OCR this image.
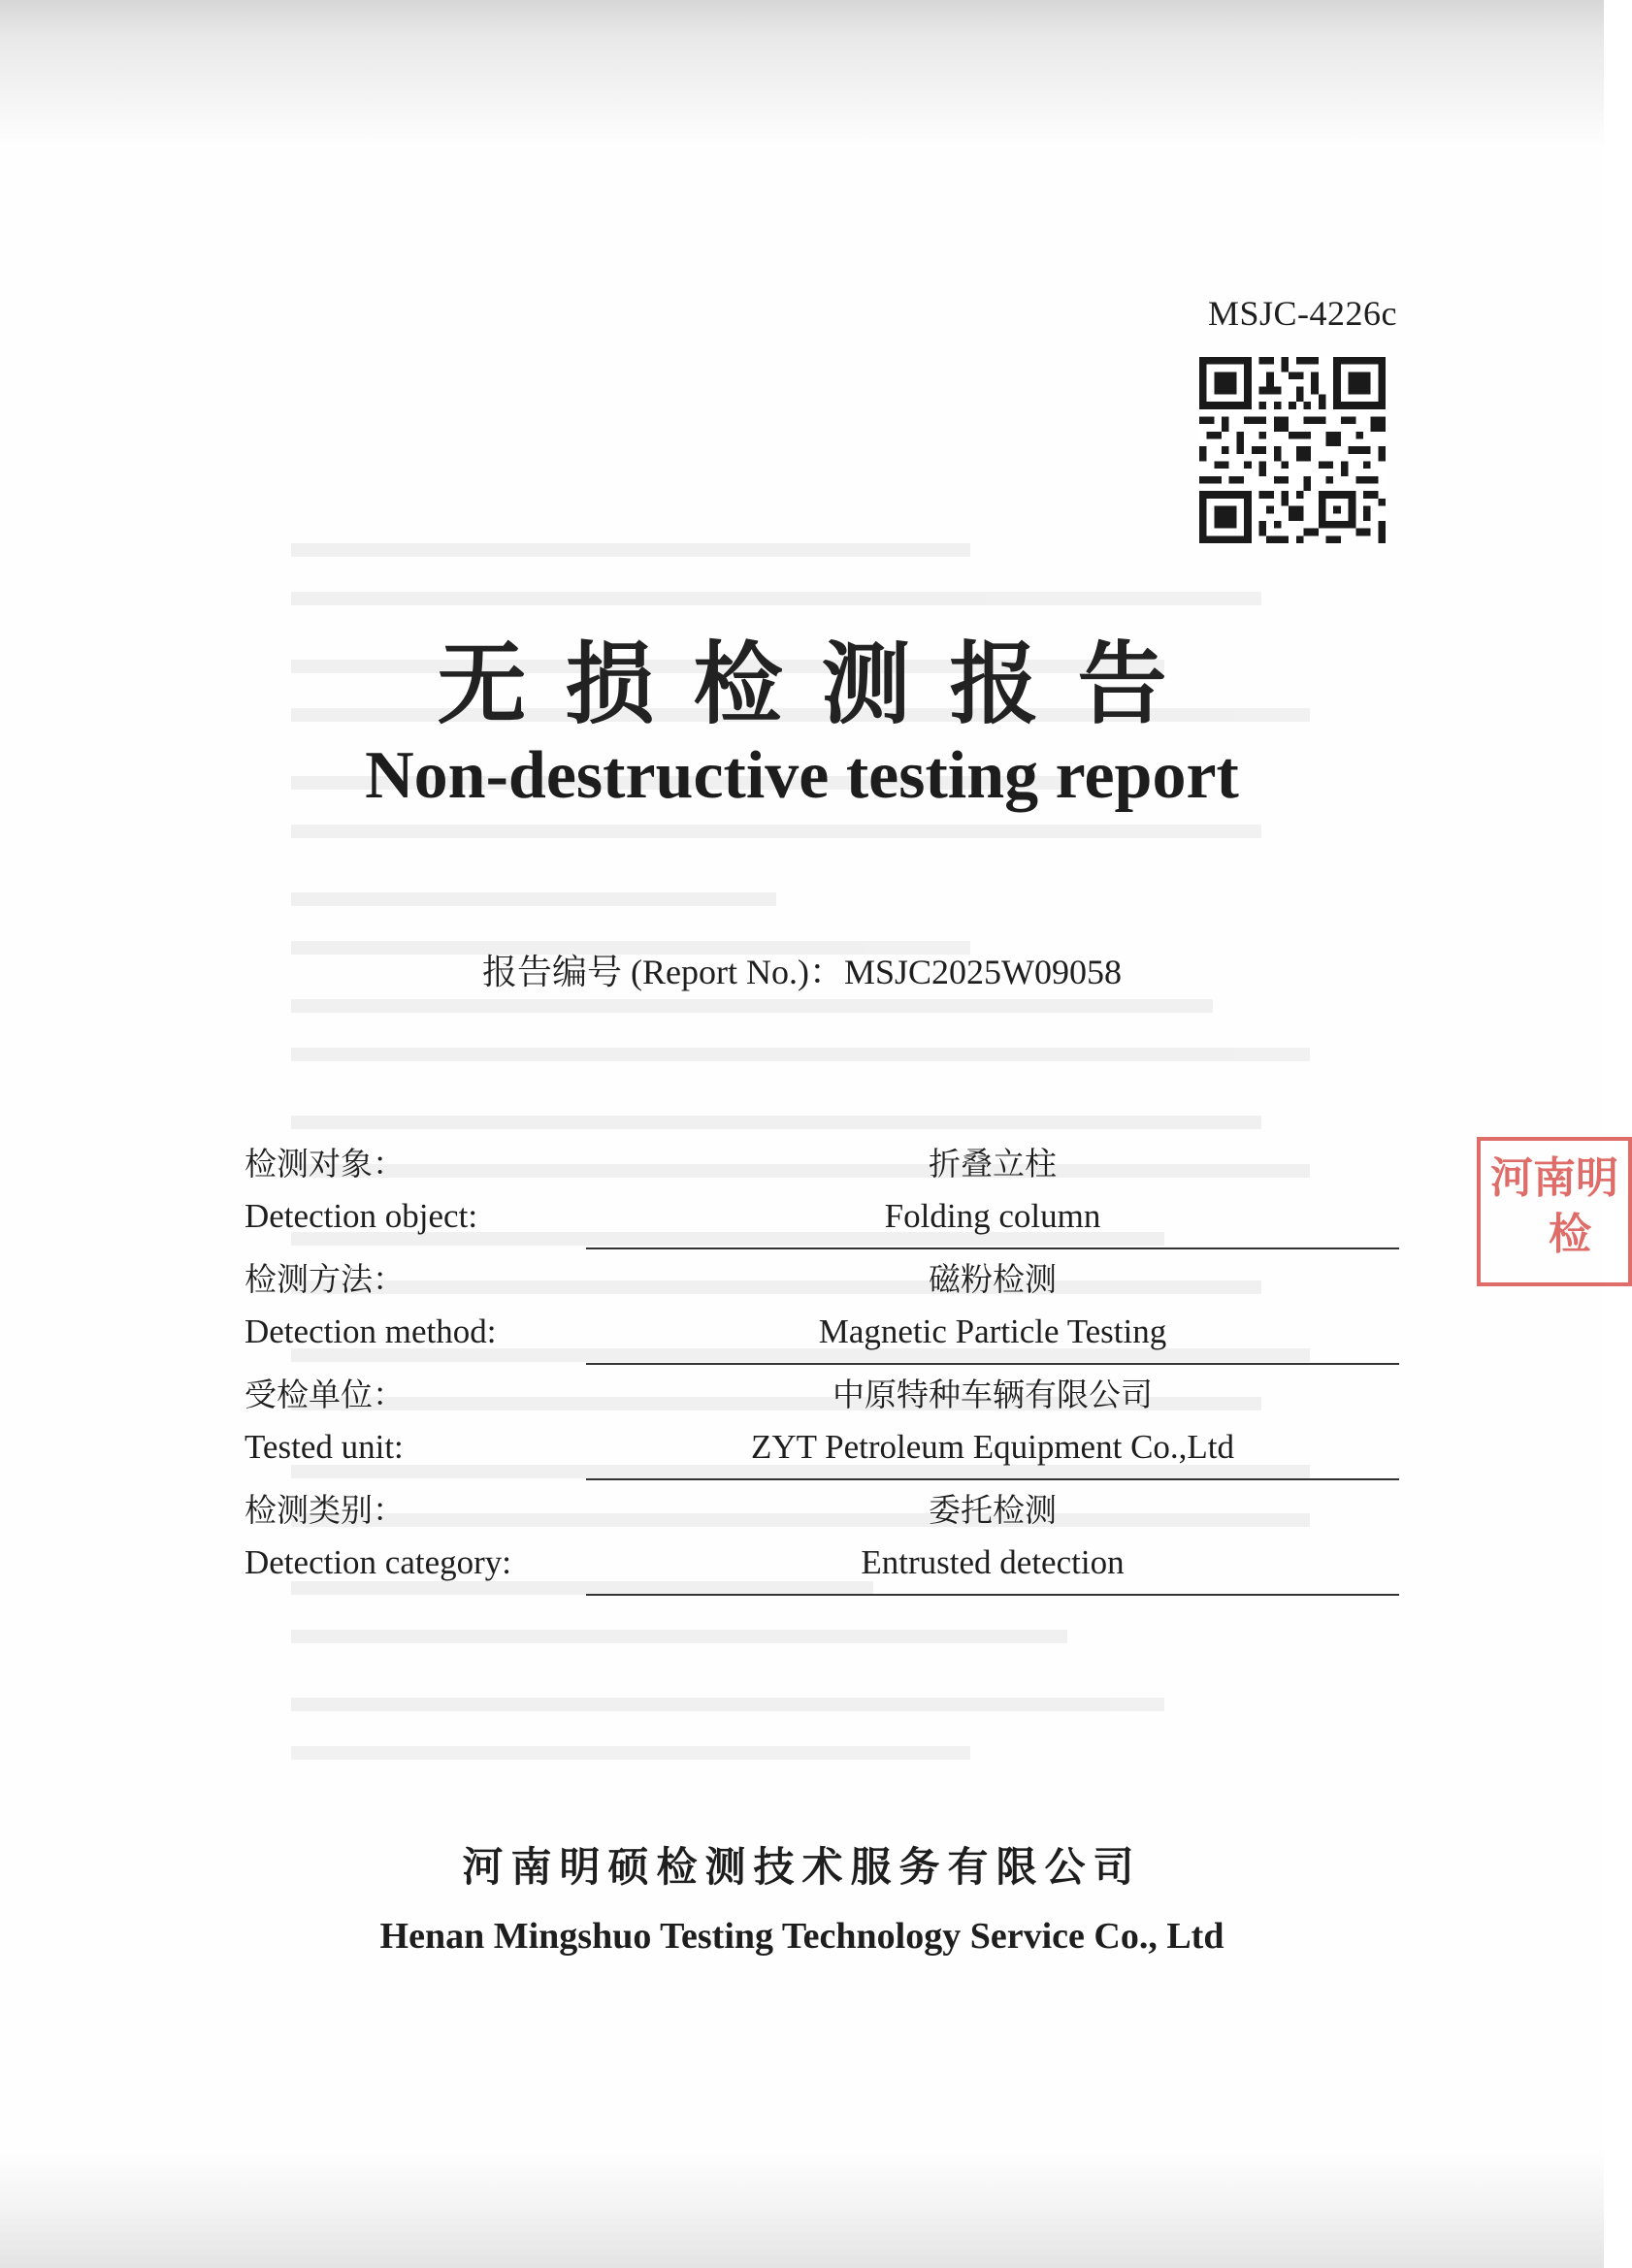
MSJC-4226c
无损检测报告
Non-destructive testing report
报告编号 (Report No.)：MSJC2025W09058
检测对象：
Detection object:
折叠立柱
Folding column
检测方法：
Detection method:
磁粉检测
Magnetic Particle Testing
受检单位：
Tested unit:
中原特种车辆有限公司
ZYT Petroleum Equipment Co.,Ltd
检测类别：
Detection category:
委托检测
Entrusted detection
河南明硕检测技术服务有限公司
Henan Mingshuo Testing Technology Service Co., Ltd
河南明
检
